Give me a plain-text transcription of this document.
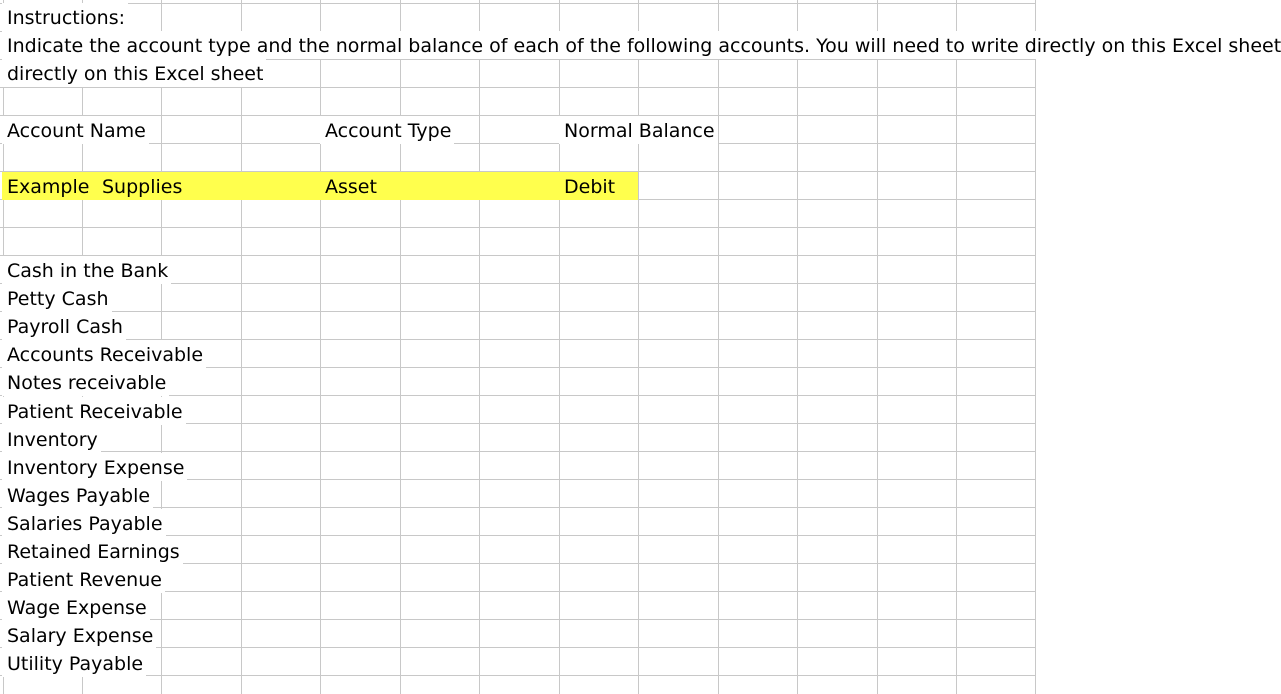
Instructions:
Indicate the account type and the normal balance of each of the following accounts. You will need to write directly on this Excel sheet
directly on this Excel sheet
Account Name	Account Type	Normal Balance
Example Supplies	Asset	Debit
Cash in the Bank
Petty Cash
Payroll Cash
Accounts Receivable
Notes receivable
Patient Receivable
Inventory
Inventory Expense
Wages Payable
Salaries Payable
Retained Earnings
Patient Revenue
Wage Expense
Salary Expense
Utility Payable
